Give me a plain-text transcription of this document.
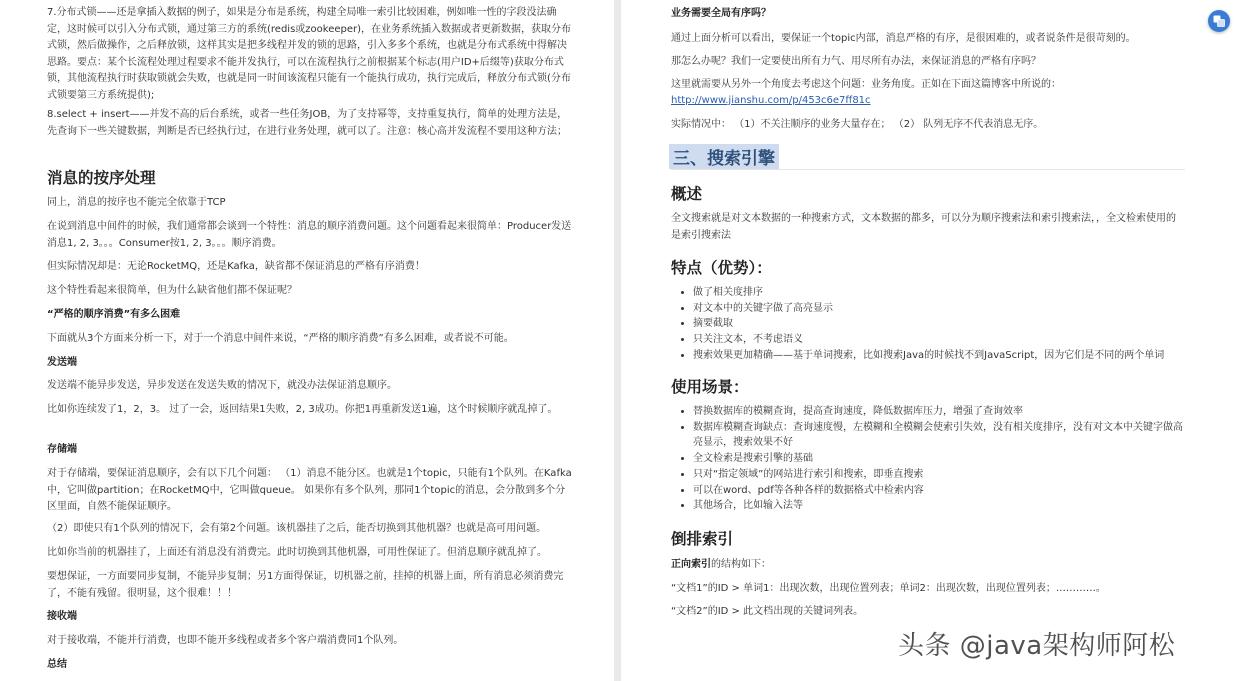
7.分布式锁——还是拿插入数据的例子，如果是分布是系统，构建全局唯一索引比较困难，例如唯一性的字段没法确定，这时候可以引入分布式锁，通过第三方的系统(redis或zookeeper)，在业务系统插入数据或者更新数据，获取分布式锁，然后做操作，之后释放锁，这样其实是把多线程并发的锁的思路，引入多多个系统，也就是分布式系统中得解决思路。要点：某个长流程处理过程要求不能并发执行，可以在流程执行之前根据某个标志(用户ID+后缀等)获取分布式锁，其他流程执行时获取锁就会失败，也就是同一时间该流程只能有一个能执行成功，执行完成后，释放分布式锁(分布式锁要第三方系统提供);

8.select + insert——并发不高的后台系统，或者一些任务JOB，为了支持幂等，支持重复执行，简单的处理方法是，先查询下一些关键数据，判断是否已经执行过，在进行业务处理，就可以了。注意：核心高并发流程不要用这种方法；

消息的按序处理

同上，消息的按序也不能完全依靠于TCP

在说到消息中间件的时候，我们通常都会谈到一个特性：消息的顺序消费问题。这个问题看起来很简单：Producer发送消息1, 2, 3。。。Consumer按1, 2, 3。。。顺序消费。

但实际情况却是：无论RocketMQ，还是Kafka，缺省都不保证消息的严格有序消费！

这个特性看起来很简单，但为什么缺省他们都不保证呢？

“严格的顺序消费”有多么困难

下面就从3个方面来分析一下，对于一个消息中间件来说，“严格的顺序消费”有多么困难，或者说不可能。

发送端

发送端不能异步发送，异步发送在发送失败的情况下，就没办法保证消息顺序。

比如你连续发了1，2，3。 过了一会，返回结果1失败，2, 3成功。你把1再重新发送1遍，这个时候顺序就乱掉了。

存储端

对于存储端，要保证消息顺序，会有以下几个问题： （1）消息不能分区。也就是1个topic，只能有1个队列。在Kafka中，它叫做partition；在RocketMQ中，它叫做queue。 如果你有多个队列，那同1个topic的消息，会分散到多个分区里面，自然不能保证顺序。

（2）即使只有1个队列的情况下，会有第2个问题。该机器挂了之后，能否切换到其他机器？也就是高可用问题。

比如你当前的机器挂了，上面还有消息没有消费完。此时切换到其他机器，可用性保证了。但消息顺序就乱掉了。

要想保证，一方面要同步复制，不能异步复制；另1方面得保证，切机器之前，挂掉的机器上面，所有消息必须消费完了，不能有残留。很明显，这个很难！！！

接收端

对于接收端，不能并行消费，也即不能开多线程或者多个客户端消费同1个队列。

总结

业务需要全局有序吗？

通过上面分析可以看出，要保证一个topic内部，消息严格的有序，是很困难的，或者说条件是很苛刻的。

那怎么办呢？我们一定要使出所有力气、用尽所有办法，来保证消息的严格有序吗？

这里就需要从另外一个角度去考虑这个问题：业务角度。正如在下面这篇博客中所说的：

http://www.jianshu.com/p/453c6e7ff81c

实际情况中： （1）不关注顺序的业务大量存在； （2） 队列无序不代表消息无序。

三、搜索引擎
概述

全文搜索就是对文本数据的一种搜索方式，文本数据的都多，可以分为顺序搜索法和索引搜索法，，全文检索使用的是索引搜索法

特点（优势）：
• 做了相关度排序
• 对文本中的关键字做了高亮显示
• 摘要截取
• 只关注文本，不考虑语义
• 搜索效果更加精确——基于单词搜索，比如搜索Java的时候找不到JavaScript，因为它们是不同的两个单词
使用场景：
• 替换数据库的模糊查询，提高查询速度，降低数据库压力，增强了查询效率
• 数据库模糊查询缺点：查询速度慢，左模糊和全模糊会使索引失效，没有相关度排序，没有对文本中关键字做高亮显示，搜索效果不好
• 全文检索是搜索引擎的基础
• 只对“指定领域”的网站进行索引和搜索，即垂直搜索
• 可以在word、pdf等各种各样的数据格式中检索内容
• 其他场合，比如输入法等
倒排索引

正向索引的结构如下：

“文档1”的ID > 单词1：出现次数，出现位置列表；单词2：出现次数，出现位置列表；…………。

“文档2”的ID > 此文档出现的关键词列表。

头条 @java架构师阿松
